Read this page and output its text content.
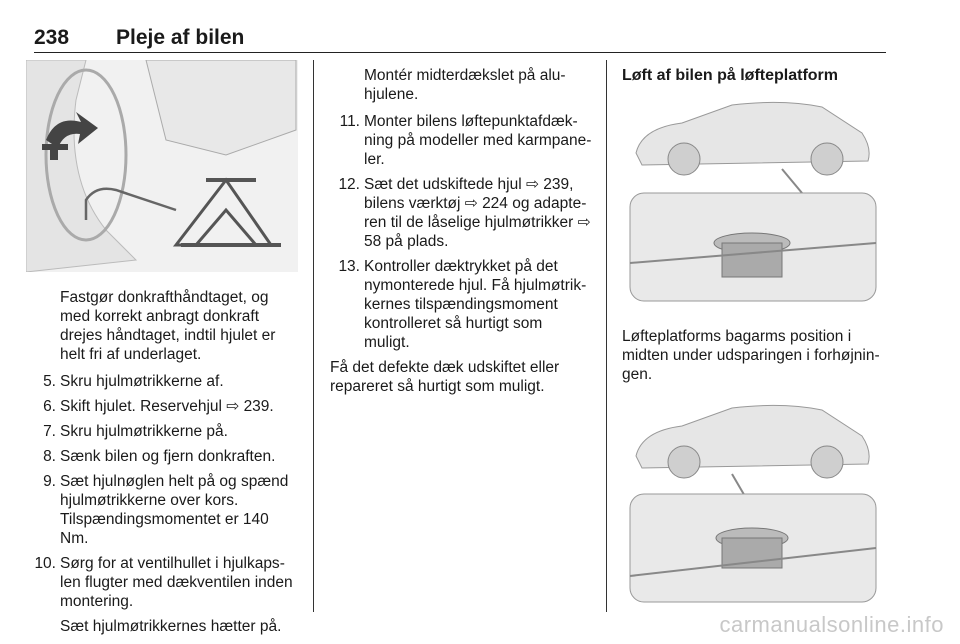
238 Pleje af bilen

Fastgør donkrafthåndtaget, og med korrekt anbragt donkraft drejes håndtaget, indtil hjulet er helt fri af underlaget.

5. Skru hjulmøtrikkerne af.
6. Skift hjulet. Reservehjul ⇨ 239.
7. Skru hjulmøtrikkerne på.
8. Sænk bilen og fjern donkraften.
9. Sæt hjulnøglen helt på og spænd hjulmøtrikkerne over kors. Tilspændingsmomentet er 140 Nm.
10. Sørg for at ventilhullet i hjulkapslen flugter med dækventilen inden montering.

Sæt hjulmøtrikkernes hætter på.

Montér midterdækslet på aluhjulene.

11. Monter bilens løftepunktafdækning på modeller med karmpaneler.
12. Sæt det udskiftede hjul ⇨ 239, bilens værktøj ⇨ 224 og adapteren til de låselige hjulmøtrikker ⇨ 58 på plads.
13. Kontroller dæktrykket på det nymonterede hjul. Få hjulmøtrikkernes tilspændingsmoment kontrolleret så hurtigt som muligt.

Få det defekte dæk udskiftet eller repareret så hurtigt som muligt.

Løft af bilen på løfteplatform

Løfteplatforms bagarms position i midten under udsparingen i forhøjningen.

carmanualsonline.info
